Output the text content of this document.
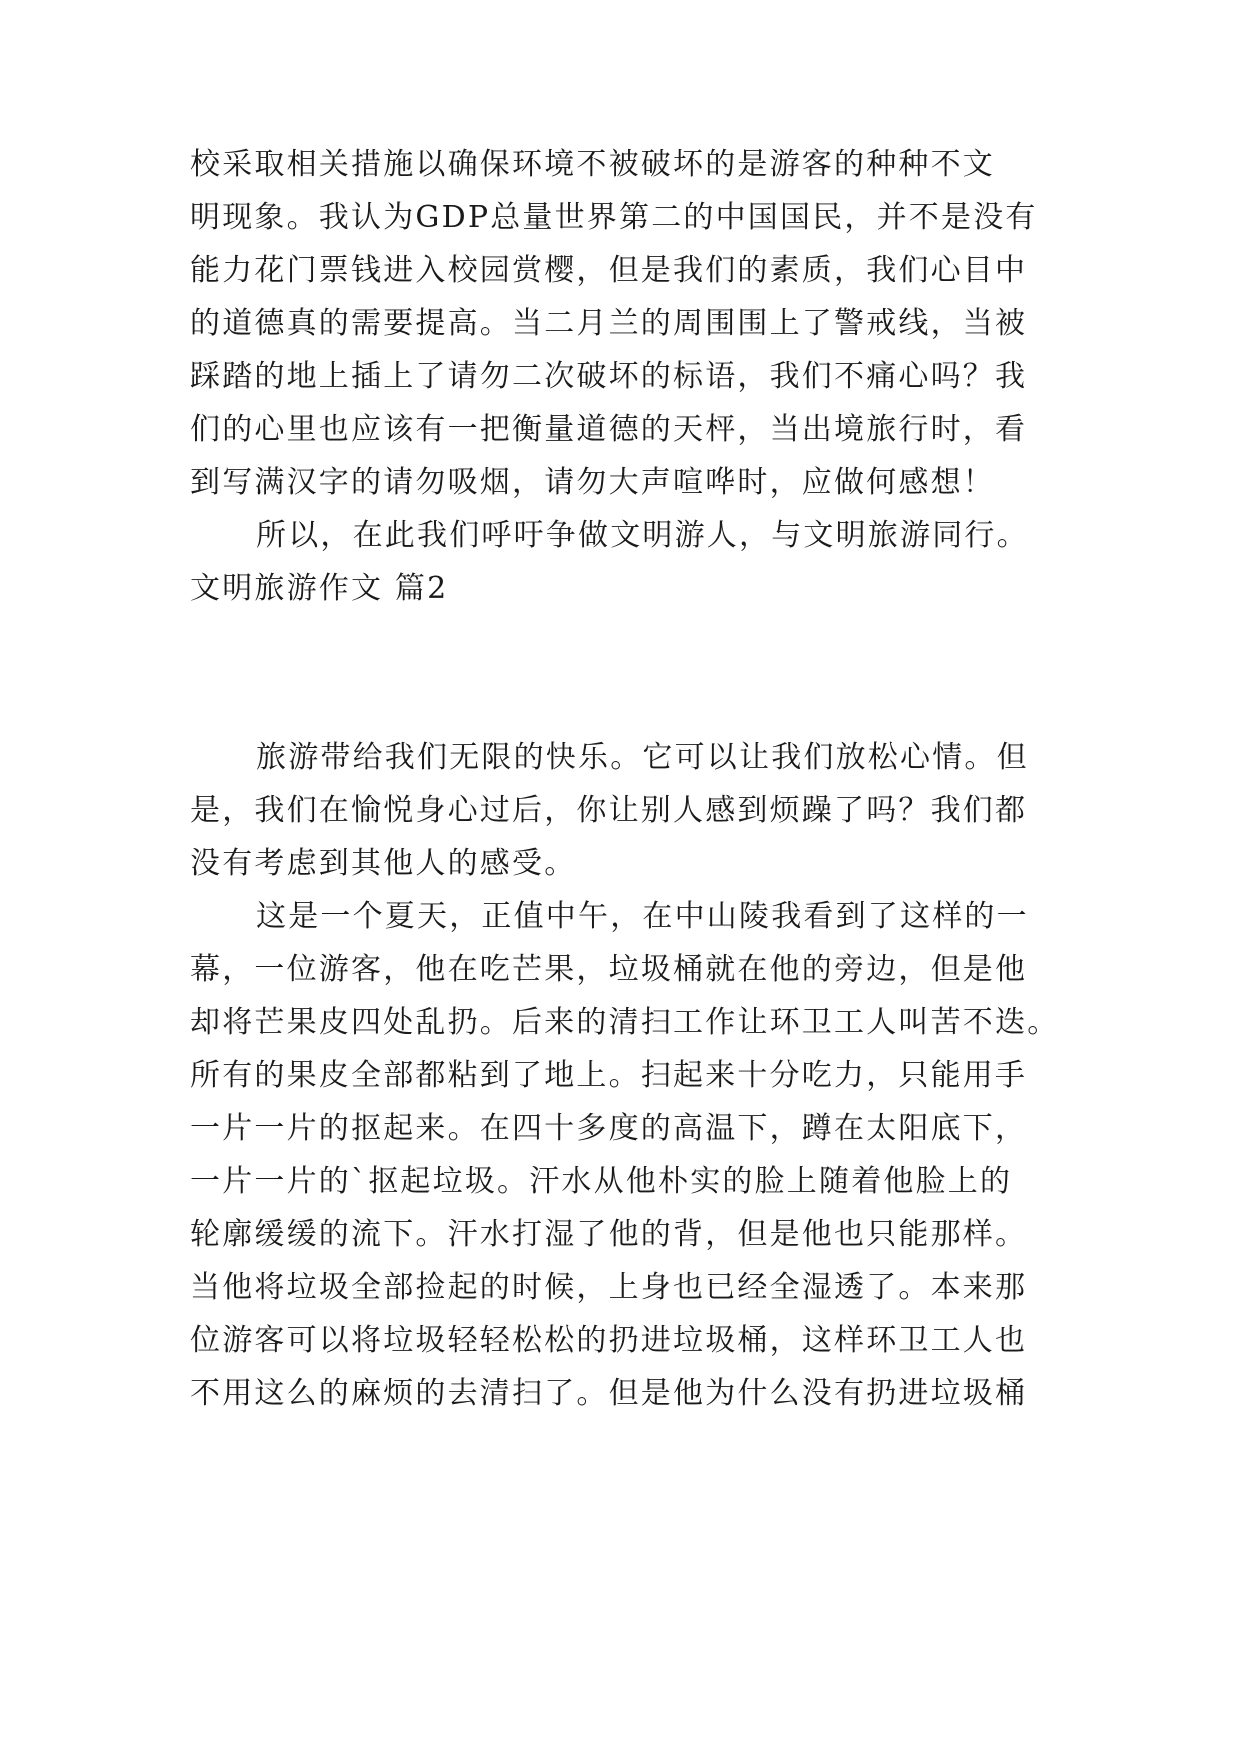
校采取相关措施以确保环境不被破坏的是游客的种种不文
明现象。我认为GDP总量世界第二的中国国民，并不是没有
能力花门票钱进入校园赏樱，但是我们的素质，我们心目中
的道德真的需要提高。当二月兰的周围围上了警戒线，当被
踩踏的地上插上了请勿二次破坏的标语，我们不痛心吗？我
们的心里也应该有一把衡量道德的天枰，当出境旅行时，看
到写满汉字的请勿吸烟，请勿大声喧哗时，应做何感想！
所以，在此我们呼吁争做文明游人，与文明旅游同行。
文明旅游作文 篇2
旅游带给我们无限的快乐。它可以让我们放松心情。但
是，我们在愉悦身心过后，你让别人感到烦躁了吗？我们都
没有考虑到其他人的感受。
这是一个夏天，正值中午，在中山陵我看到了这样的一
幕，一位游客，他在吃芒果，垃圾桶就在他的旁边，但是他
却将芒果皮四处乱扔。后来的清扫工作让环卫工人叫苦不迭。
所有的果皮全部都粘到了地上。扫起来十分吃力，只能用手
一片一片的抠起来。在四十多度的高温下，蹲在太阳底下，
一片一片的`抠起垃圾。汗水从他朴实的脸上随着他脸上的
轮廓缓缓的流下。汗水打湿了他的背，但是他也只能那样。
当他将垃圾全部捡起的时候，上身也已经全湿透了。本来那
位游客可以将垃圾轻轻松松的扔进垃圾桶，这样环卫工人也
不用这么的麻烦的去清扫了。但是他为什么没有扔进垃圾桶
